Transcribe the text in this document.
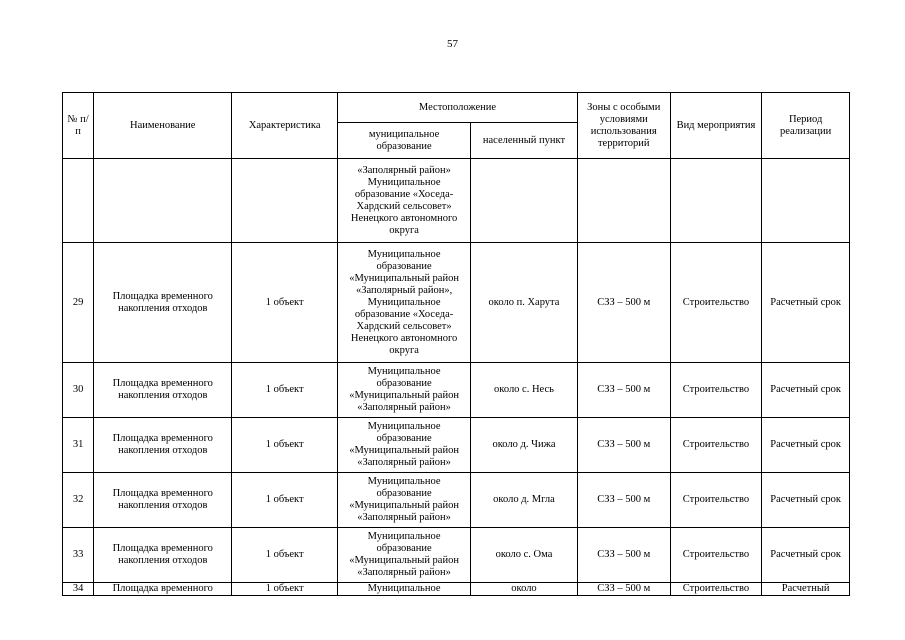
57
№ п/п	Наименование	Характеристика	Местоположение		Зоны с особыми условиями использования территорий	Вид мероприятия	Период реализации
			муниципальное образование	населенный пункт			
			«Заполярный район» Муниципальное образование «Хоседа-Хардский сельсовет» Ненецкого автономного округа				
29	Площадка временного накопления отходов	1 объект	Муниципальное образование «Муниципальный район «Заполярный район», Муниципальное образование «Хоседа-Хардский сельсовет» Ненецкого автономного округа	около п. Харута	СЗЗ – 500 м	Строительство	Расчетный срок
30	Площадка временного накопления отходов	1 объект	Муниципальное образование «Муниципальный район «Заполярный район»	около с. Несь	СЗЗ – 500 м	Строительство	Расчетный срок
31	Площадка временного накопления отходов	1 объект	Муниципальное образование «Муниципальный район «Заполярный район»	около д. Чижа	СЗЗ – 500 м	Строительство	Расчетный срок
32	Площадка временного накопления отходов	1 объект	Муниципальное образование «Муниципальный район «Заполярный район»	около д. Мгла	СЗЗ – 500 м	Строительство	Расчетный срок
33	Площадка временного накопления отходов	1 объект	Муниципальное образование «Муниципальный район «Заполярный район»	около с. Ома	СЗЗ – 500 м	Строительство	Расчетный срок
34	Площадка временного	1 объект	Муниципальное	около	СЗЗ – 500 м	Строительство	Расчетный
